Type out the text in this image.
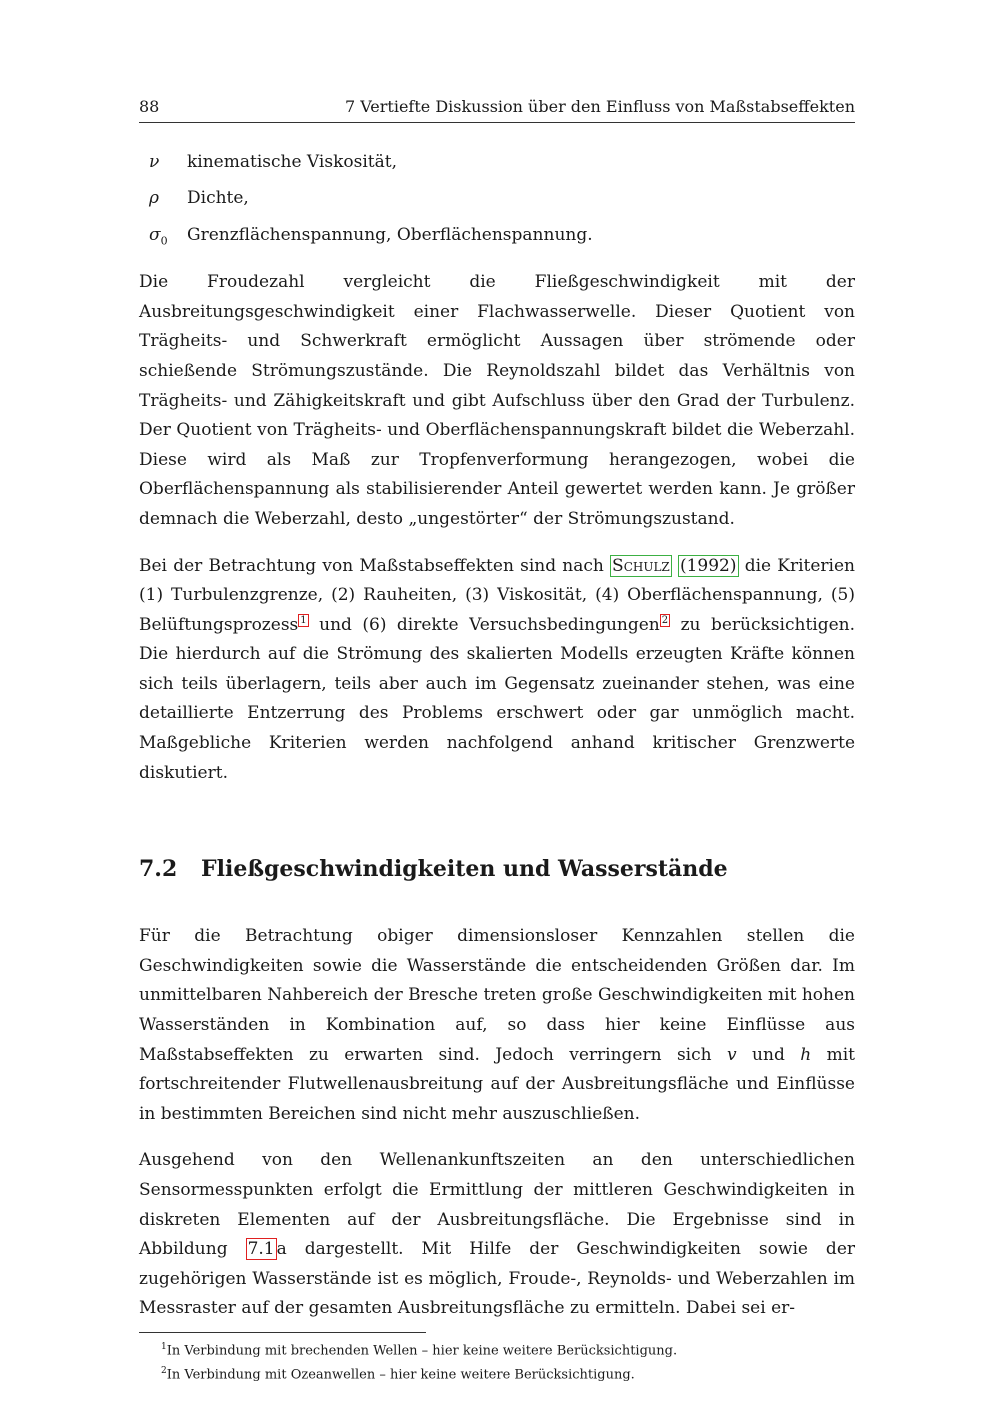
88	7 Vertiefte Diskussion über den Einfluss von Maßstabseffekten
ν	kinematische Viskosität,
ρ	Dichte,
$\sigma_0$	Grenzflächenspannung, Oberflächenspannung.

Die Froudezahl vergleicht die Fließgeschwindigkeit mit der Ausbreitungsgeschwindigkeit einer Flachwasserwelle. Dieser Quotient von Trägheits- und Schwerkraft ermöglicht Aussagen über strömende oder schießende Strömungszustände. Die Reynoldszahl bildet das Verhältnis von Trägheits- und Zähigkeitskraft und gibt Aufschluss über den Grad der Turbulenz. Der Quotient von Trägheits- und Oberflächenspannungskraft bildet die Weberzahl. Diese wird als Maß zur Tropfenverformung herangezogen, wobei die Oberflächenspannung als stabilisierender Anteil gewertet werden kann. Je größer demnach die Weberzahl, desto „ungestörter“ der Strömungszustand.

Bei der Betrachtung von Maßstabseffekten sind nach Schulz (1992) die Kriterien (1) Turbulenzgrenze, (2) Rauheiten, (3) Viskosität, (4) Oberflächenspannung, (5) Belüftungsprozess $^1$ und (6) direkte Versuchsbedingungen $^2$ zu berücksichtigen. Die hierdurch auf die Strömung des skalierten Modells erzeugten Kräfte können sich teils überlagern, teils aber auch im Gegensatz zueinander stehen, was eine detaillierte Entzerrung des Problems erschwert oder gar unmöglich macht. Maßgebliche Kriterien werden nachfolgend anhand kritischer Grenzwerte diskutiert.

7.2	Fließgeschwindigkeiten und Wasserstände

Für die Betrachtung obiger dimensionsloser Kennzahlen stellen die Geschwindigkeiten sowie die Wasserstände die entscheidenden Größen dar. Im unmittelbaren Nahbereich der Bresche treten große Geschwindigkeiten mit hohen Wasserständen in Kombination auf, so dass hier keine Einflüsse aus Maßstabseffekten zu erwarten sind. Jedoch verringern sich v und h mit fortschreitender Flutwellenausbreitung auf der Ausbreitungsfläche und Einflüsse in bestimmten Bereichen sind nicht mehr auszuschließen.

Ausgehend von den Wellenankunftszeiten an den unterschiedlichen Sensormesspunkten erfolgt die Ermittlung der mittleren Geschwindigkeiten in diskreten Elementen auf der Ausbreitungsfläche. Die Ergebnisse sind in Abbildung 7.1 a dargestellt. Mit Hilfe der Geschwindigkeiten sowie der zugehörigen Wasserstände ist es möglich, Froude-, Reynolds- und Weberzahlen im Messraster auf der gesamten Ausbreitungsfläche zu ermitteln. Dabei sei er-

$^1$In Verbindung mit brechenden Wellen – hier keine weitere Berücksichtigung.
$^2$In Verbindung mit Ozeanwellen – hier keine weitere Berücksichtigung.
